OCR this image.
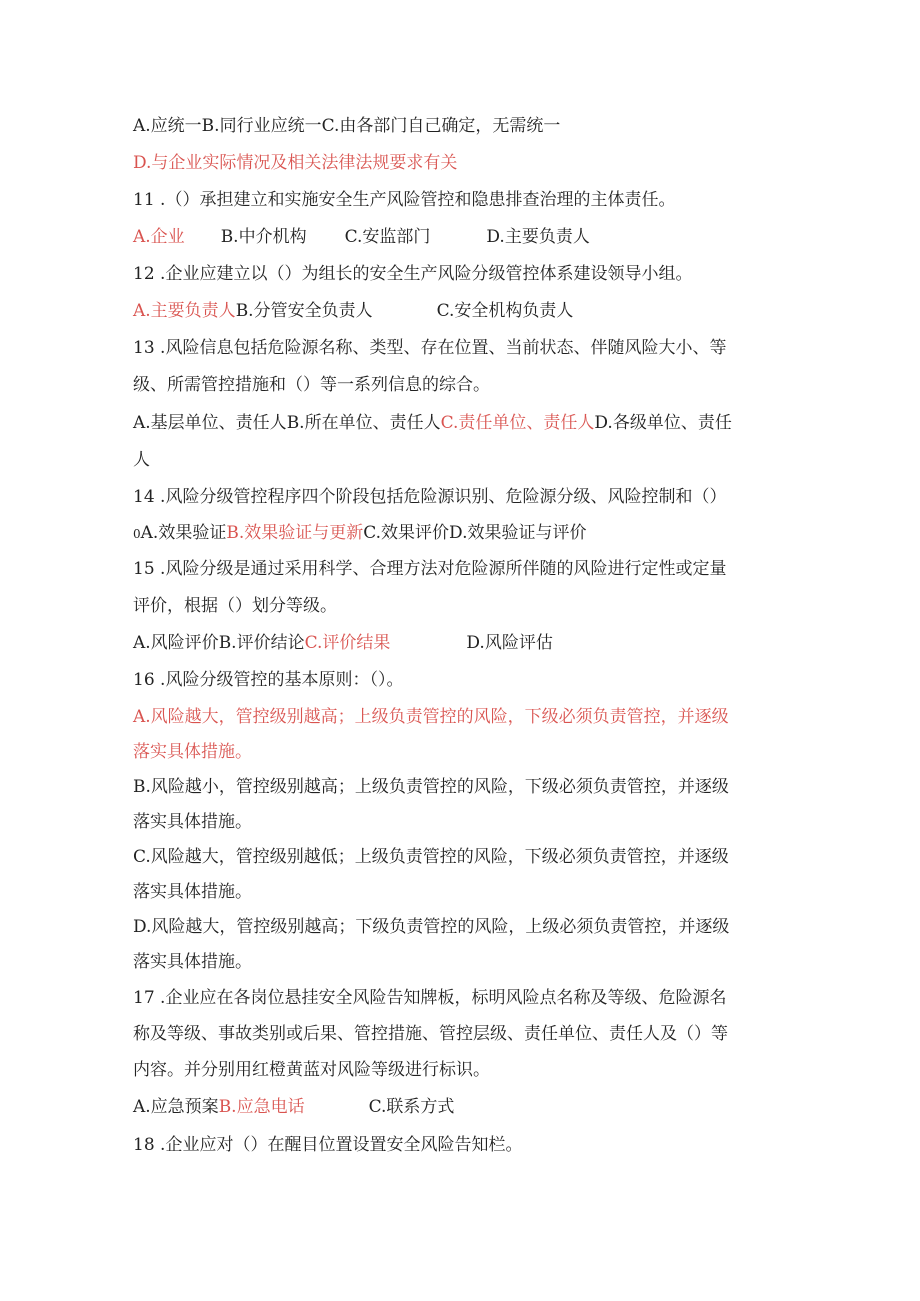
A.应统一B.同行业应统一C.由各部门自己确定，无需统一
D.与企业实际情况及相关法律法规要求有关
11 .（）承担建立和实施安全生产风险管控和隐患排查治理的主体责任。
A.企业 B.中介机构 C.安监部门	D.主要负责人
12 .企业应建立以（）为组长的安全生产风险分级管控体系建设领导小组。
A.主要负责人B.分管安全负责人	C.安全机构负责人
13 .风险信息包括危险源名称、类型、存在位置、当前状态、伴随风险大小、等
级、所需管控措施和（）等一系列信息的综合。
A.基层单位、责任人B.所在单位、责任人C.责任单位、责任人D.各级单位、责任
人
14 .风险分级管控程序四个阶段包括危险源识别、危险源分级、风险控制和（）
0A.效果验证B.效果验证与更新C.效果评价D.效果验证与评价
15 .风险分级是通过采用科学、合理方法对危险源所伴随的风险进行定性或定量
评价，根据（）划分等级。
A.风险评价B.评价结论C.评价结果	D.风险评估
16 .风险分级管控的基本原则：（）。
A.风险越大，管控级别越高；上级负责管控的风险，下级必须负责管控，并逐级
落实具体措施。
B.风险越小，管控级别越高；上级负责管控的风险，下级必须负责管控，并逐级
落实具体措施。
C.风险越大，管控级别越低；上级负责管控的风险，下级必须负责管控，并逐级
落实具体措施。
D.风险越大，管控级别越高；下级负责管控的风险，上级必须负责管控，并逐级
落实具体措施。
17 .企业应在各岗位悬挂安全风险告知牌板，标明风险点名称及等级、危险源名
称及等级、事故类别或后果、管控措施、管控层级、责任单位、责任人及（）等
内容。并分别用红橙黄蓝对风险等级进行标识。
A.应急预案B.应急电话	C.联系方式
18 .企业应对（）在醒目位置设置安全风险告知栏。
